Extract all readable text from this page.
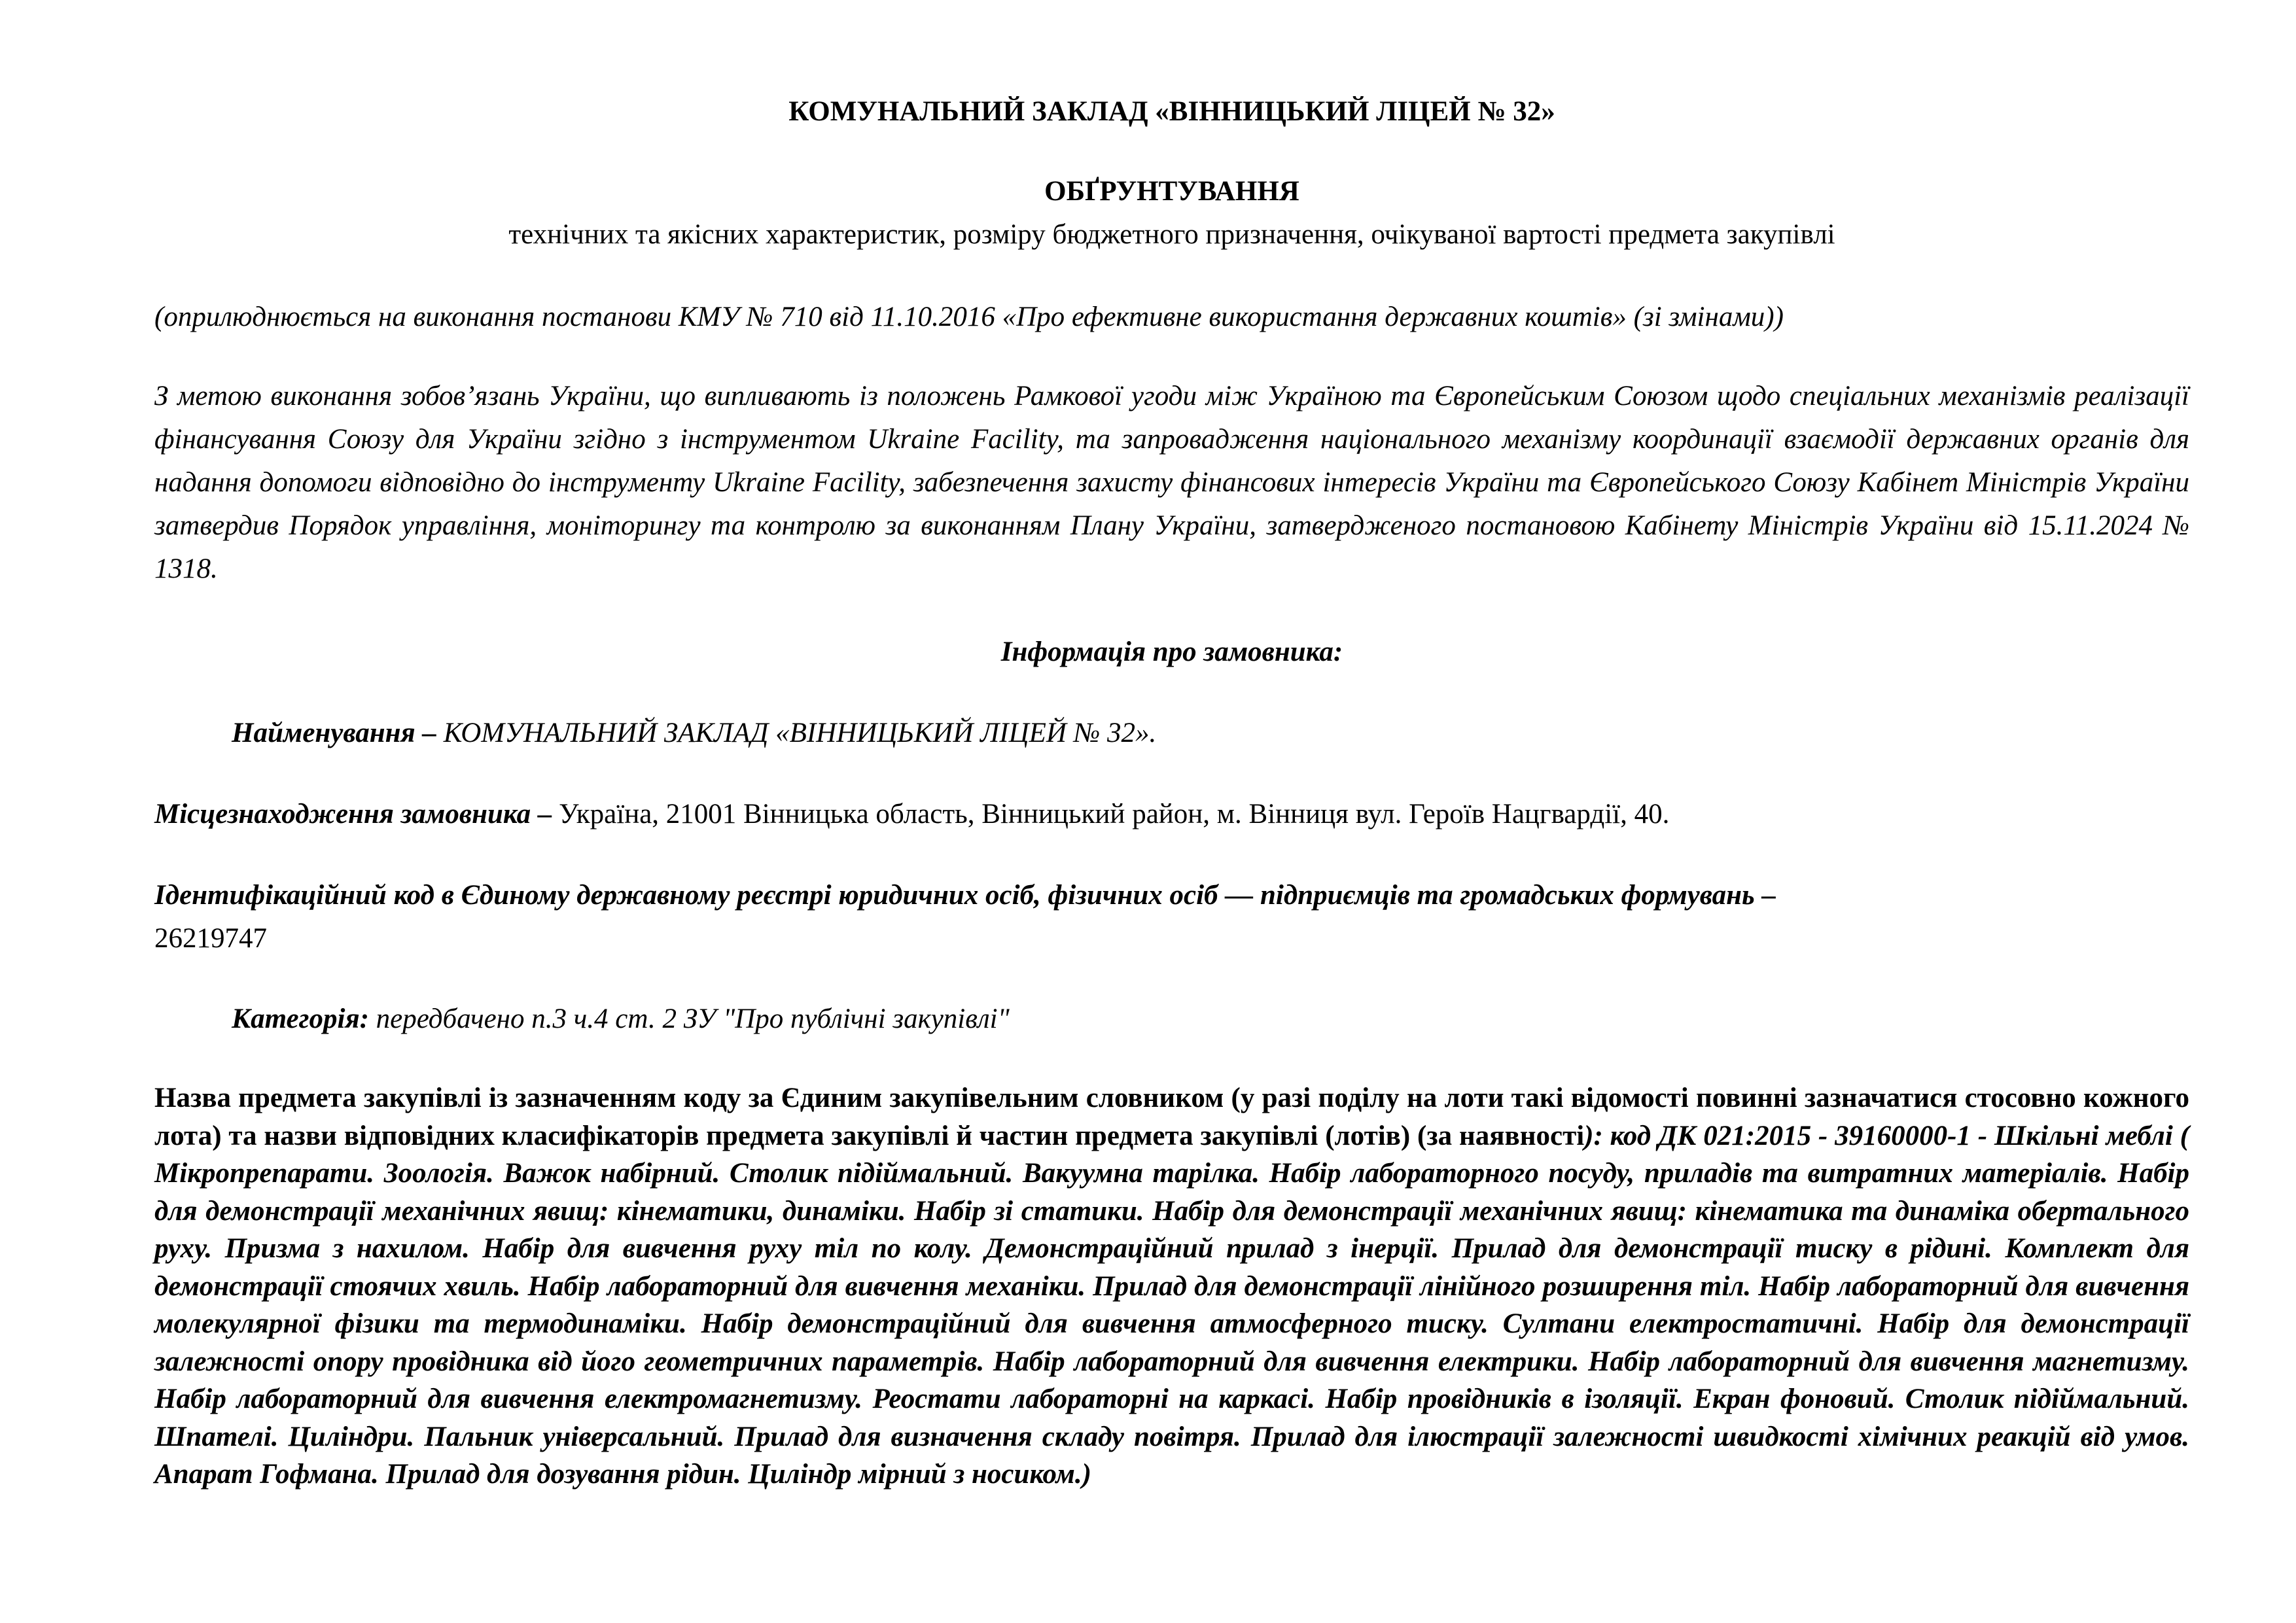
КОМУНАЛЬНИЙ ЗАКЛАД «ВІННИЦЬКИЙ ЛІЦЕЙ № 32»
ОБҐРУНТУВАННЯ
технічних та якісних характеристик, розміру бюджетного призначення, очікуваної вартості предмета закупівлі
(оприлюднюється на виконання постанови КМУ № 710 від 11.10.2016 «Про ефективне використання державних коштів» (зі змінами))
З метою виконання зобов’язань України, що випливають із положень Рамкової угоди між Україною та Європейським Союзом щодо спеціальних механізмів реалізації фінансування Союзу для України згідно з інструментом Ukraine Facility, та запровадження національного механізму координації взаємодії державних органів для надання допомоги відповідно до інструменту Ukraine Facility, забезпечення захисту фінансових інтересів України та Європейського Союзу Кабінет Міністрів України затвердив Порядок управління, моніторингу та контролю за виконанням Плану України, затвердженого постановою Кабінету Міністрів України від 15.11.2024 № 1318.
Інформація про замовника:
Найменування – КОМУНАЛЬНИЙ ЗАКЛАД «ВІННИЦЬКИЙ ЛІЦЕЙ № 32».
Місцезнаходження замовника – Україна, 21001 Вінницька область, Вінницький район, м. Вінниця вул. Героїв Нацгвардії, 40.
Ідентифікаційний код в Єдиному державному реєстрі юридичних осіб, фізичних осіб — підприємців та громадських формувань –
26219747
Категорія: передбачено п.3 ч.4 ст. 2 ЗУ "Про публічні закупівлі"
Назва предмета закупівлі із зазначенням коду за Єдиним закупівельним словником (у разі поділу на лоти такі відомості повинні зазначатися стосовно кожного лота) та назви відповідних класифікаторів предмета закупівлі й частин предмета закупівлі (лотів) (за наявності): код ДК 021:2015 - 39160000-1 - Шкільні меблі ( Мікропрепарати. Зоологія. Важок набірний. Столик підіймальний. Вакуумна тарілка. Набір лабораторного посуду, приладів та витратних матеріалів. Набір для демонстрації механічних явищ: кінематики, динаміки. Набір зі статики. Набір для демонстрації механічних явищ: кінематика та динаміка обертального руху. Призма з нахилом. Набір для вивчення руху тіл по колу. Демонстраційний прилад з інерції. Прилад для демонстрації тиску в рідині. Комплект для демонстрації стоячих хвиль. Набір лабораторний для вивчення механіки. Прилад для демонстрації лінійного розширення тіл. Набір лабораторний для вивчення молекулярної фізики та термодинаміки. Набір демонстраційний для вивчення атмосферного тиску. Султани електростатичні. Набір для демонстрації залежності опору провідника від його геометричних параметрів. Набір лабораторний для вивчення електрики. Набір лабораторний для вивчення магнетизму. Набір лабораторний для вивчення електромагнетизму. Реостати лабораторні на каркасі. Набір провідників в ізоляції. Екран фоновий. Столик підіймальний. Шпателі. Циліндри. Пальник універсальний. Прилад для визначення складу повітря. Прилад для ілюстрації залежності швидкості хімічних реакцій від умов. Апарат Гофмана. Прилад для дозування рідин. Циліндр мірний з носиком.)
